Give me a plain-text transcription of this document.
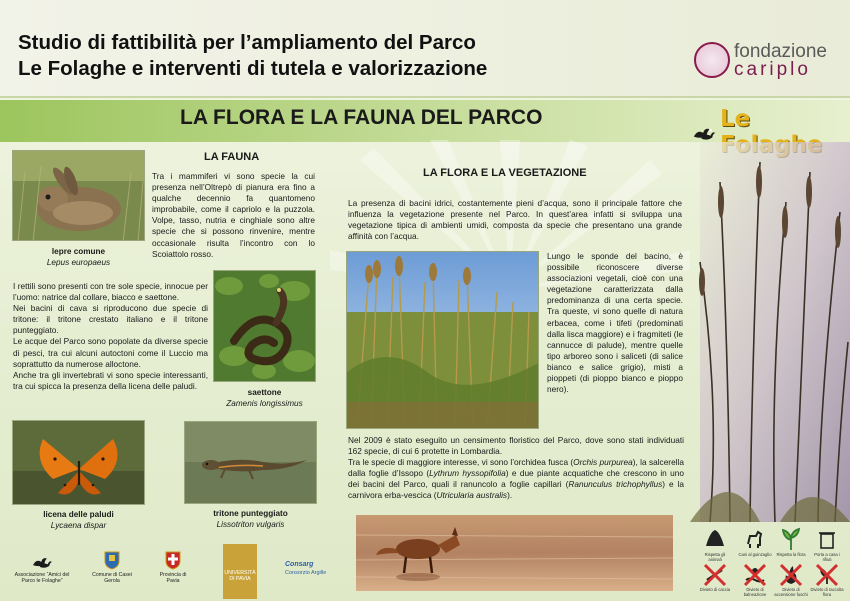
Studio di fattibilità per l’ampliamento del Parco
Le Folaghe e interventi di tutela e valorizzazione
fondazione
cariplo
LA FLORA E LA FAUNA DEL PARCO	Le
lepre comune
Lepus europaeus
LA FAUNA
Tra i mammiferi vi sono specie la cui presenza nell’Oltrepò di pianura era fino a qualche decennio fa quantomeno improbabile, come il capriolo e la puzzola. Volpe, tasso, nutria e cinghiale sono altre specie che si possono rinvenire, mentre occasionale risulta l’incontro con lo Scoiattolo rosso.
I rettili sono presenti con tre sole specie, innocue per l’uomo: natrice dal collare, biacco e saettone.
Nei bacini di cava si riproducono due specie di tritone: il tritone crestato italiano e il tritone punteggiato.
Le acque del Parco sono popolate da diverse specie di pesci, tra cui alcuni autoctoni come il Luccio ma soprattutto da numerose alloctone.
Anche tra gli invertebrati vi sono specie interessanti, tra cui spicca la presenza della licena delle paludi.
saettone
Zamenis longissimus
licena delle paludi
Lycaena dispar
tritone punteggiato
Lissotriton vulgaris
LA FLORA E LA VEGETAZIONE
La presenza di bacini idrici, costantemente pieni d’acqua, sono il principale fattore che influenza la vegetazione presente nel Parco. In quest’area infatti si sviluppa una vegetazione tipica di ambienti umidi, composta da specie che presentano una grande affinità con l’acqua.
Lungo le sponde del bacino, è possibile riconoscere diverse associazioni vegetali, cioè con una vegetazione caratterizzata dalla predominanza di una certa specie. Tra queste, vi sono quelle di natura erbacea, come i tifeti (predominati dalla lisca maggiore) e i fragmiteti (le cannucce di palude), mentre quelle tipo arboreo sono i saliceti (di salice bianco e salice grigio), misti a pioppeti (di pioppo bianco e pioppo nero).
Nel 2009 è stato eseguito un censimento floristico del Parco, dove sono stati individuati 162 specie, di cui 6 protette in Lombardia.
Tra le specie di maggiore interesse, vi sono l’orchidea fusca (Orchis purpurea), la salcerella dalla foglie d’Issopo (Lythrum hyssopifolia) e due piante acquatiche che crescono in uno dei bacini del Parco, quali il ranuncolo a foglie capillari (Ranunculus trichophyllus) e la carnivora erba-vescica (Utricularia australis).
Associazione “Amici del Parco le Folaghe”
Comune di Casei Gerola
Provincia di Pavia
UNIVERSITÀ DI PAVIA
Consarg
Consorzio Argille
Rispetta gli animali
Cani al guinzaglio	Rispetta la flora	Porta a casa i rifiuti
Divieto di caccia	Divieto di balneazione
Divieto di accensione fuochi
Divieto di raccolta flora
